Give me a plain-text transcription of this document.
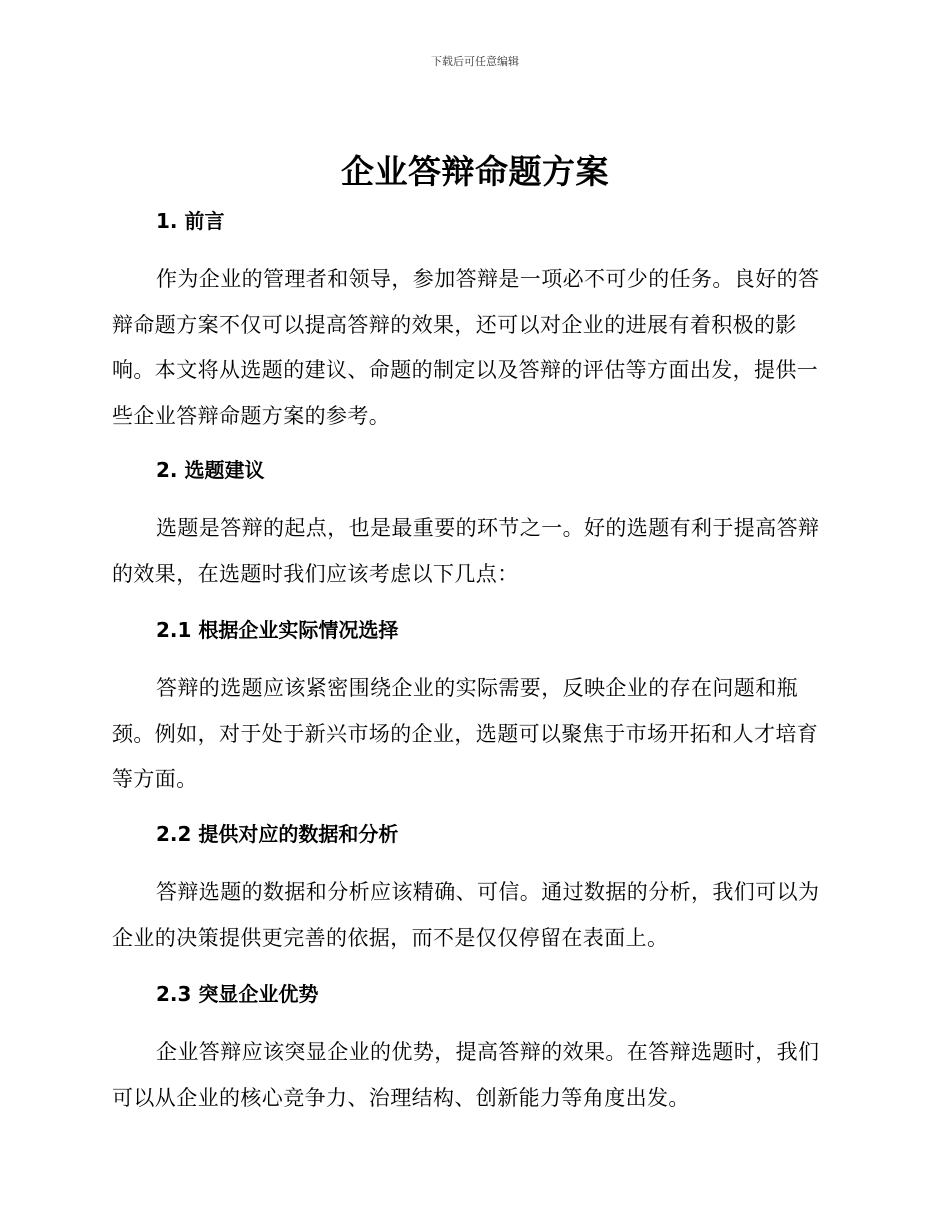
下载后可任意编辑
企业答辩命题方案
1. 前言

作为企业的管理者和领导，参加答辩是一项必不可少的任务。良好的答辩命题方案不仅可以提高答辩的效果，还可以对企业的进展有着积极的影响。本文将从选题的建议、命题的制定以及答辩的评估等方面出发，提供一些企业答辩命题方案的参考。

2. 选题建议

选题是答辩的起点，也是最重要的环节之一。好的选题有利于提高答辩的效果，在选题时我们应该考虑以下几点：

2.1 根据企业实际情况选择

答辩的选题应该紧密围绕企业的实际需要，反映企业的存在问题和瓶颈。例如，对于处于新兴市场的企业，选题可以聚焦于市场开拓和人才培育等方面。

2.2 提供对应的数据和分析

答辩选题的数据和分析应该精确、可信。通过数据的分析，我们可以为企业的决策提供更完善的依据，而不是仅仅停留在表面上。

2.3 突显企业优势

企业答辩应该突显企业的优势，提高答辩的效果。在答辩选题时，我们可以从企业的核心竞争力、治理结构、创新能力等角度出发。
